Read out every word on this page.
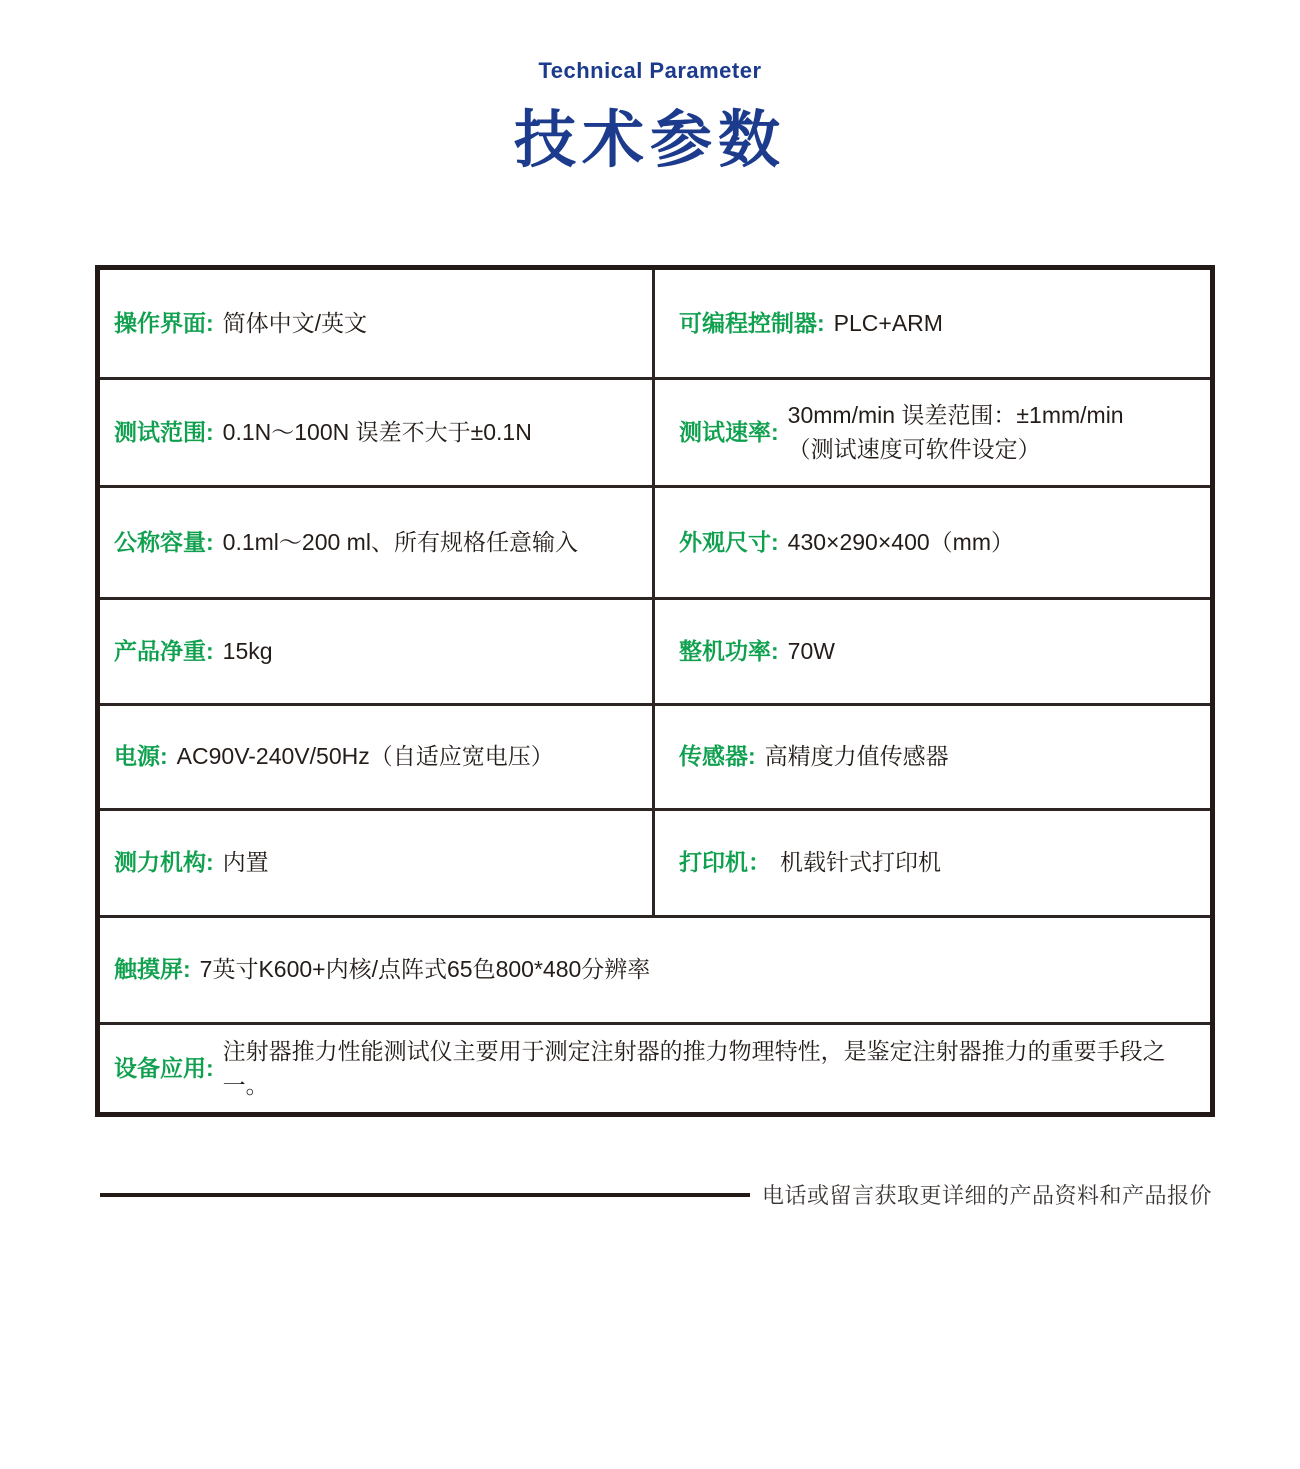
Technical Parameter
技术参数
操作界面: 简体中文/英文	可编程控制器: PLC+ARM
测试范围: 0.1N～100N 误差不大于±0.1N	测试速率:
30mm/min 误差范围：±1mm/min
（测试速度可软件设定）
公称容量: 0.1ml～200 ml、所有规格任意输入	外观尺寸: 430×290×400（mm）
产品净重: 15kg	整机功率: 70W
电源: AC90V-240V/50Hz（自适应宽电压）	传感器: 高精度力值传感器
测力机构: 内置	打印机： 机载针式打印机
触摸屏: 7英寸K600+内核/点阵式65色800*480分辨率
设备应用:
注射器推力性能测试仪主要用于测定注射器的推力物理特性，是鉴定注射器推力的重要手段之一。
电话或留言获取更详细的产品资料和产品报价
